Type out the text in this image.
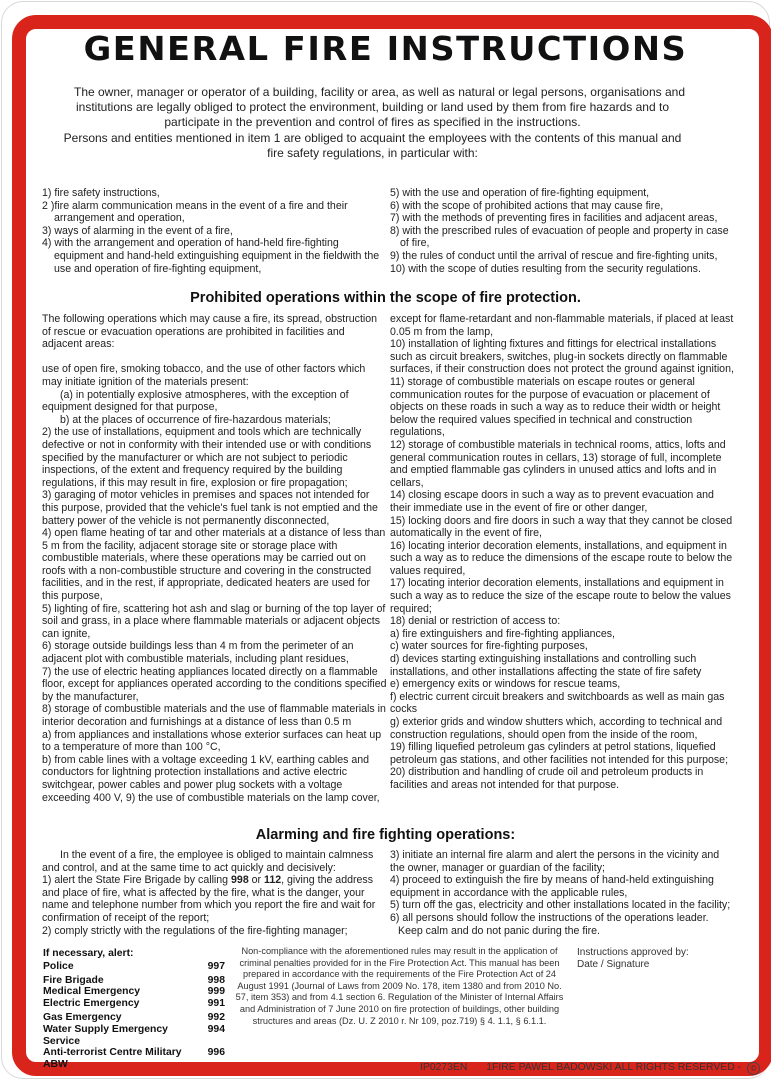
GENERAL FIRE INSTRUCTIONS

The owner, manager or operator of a building, facility or area, as well as natural or legal persons, organisations and institutions are legally obliged to protect the environment, building or land used by them from fire hazards and to participate in the prevention and control of fires as specified in the instructions.

Persons and entities mentioned in item 1 are obliged to acquaint the employees with the contents of this manual and fire safety regulations, in particular with:

1) fire safety instructions,

2 )fire alarm communication means in the event of a fire and their arrangement and operation,

3) ways of alarming in the event of a fire,

4) with the arrangement and operation of hand-held fire-fighting equipment and hand-held extinguishing equipment in the fieldwith the use and operation of fire-fighting equipment,

5) with the use and operation of fire-fighting equipment,

6) with the scope of prohibited actions that may cause fire,

7) with the methods of preventing fires in facilities and adjacent areas,

8) with the prescribed rules of evacuation of people and property in case of fire,

9) the rules of conduct until the arrival of rescue and fire-fighting units,

10) with the scope of duties resulting from the security regulations.

Prohibited operations within the scope of fire protection.

The following operations which may cause a fire, its spread, obstruction of rescue or evacuation operations are prohibited in facilities and adjacent areas:

use of open fire, smoking tobacco, and the use of other factors which may initiate ignition of the materials present:

(a) in potentially explosive atmospheres, with the exception of equipment designed for that purpose,

b) at the places of occurrence of fire-hazardous materials;

2) the use of installations, equipment and tools which are technically defective or not in conformity with their intended use or with conditions specified by the manufacturer or which are not subject to periodic inspections, of the extent and frequency required by the building regulations, if this may result in fire, explosion or fire propagation;

3) garaging of motor vehicles in premises and spaces not intended for this purpose, provided that the vehicle's fuel tank is not emptied and the battery power of the vehicle is not permanently disconnected,

4) open flame heating of tar and other materials at a distance of less than 5 m from the facility, adjacent storage site or storage place with combustible materials, where these operations may be carried out on roofs with a non-combustible structure and covering in the constructed facilities, and in the rest, if appropriate, dedicated heaters are used for this purpose,

5) lighting of fire, scattering hot ash and slag or burning of the top layer of soil and grass, in a place where flammable materials or adjacent objects can ignite,

6) storage outside buildings less than 4 m from the perimeter of an adjacent plot with combustible materials, including plant residues,

7) the use of electric heating appliances located directly on a flammable floor, except for appliances operated according to the conditions specified by the manufacturer,

8) storage of combustible materials and the use of flammable materials in interior decoration and furnishings at a distance of less than 0.5 m

a) from appliances and installations whose exterior surfaces can heat up to a temperature of more than 100 °C,

b) from cable lines with a voltage exceeding 1 kV, earthing cables and conductors for lightning protection installations and active electric switchgear, power cables and power plug sockets with a voltage exceeding 400 V, 9) the use of combustible materials on the lamp cover,

except for flame-retardant and non-flammable materials, if placed at least 0.05 m from the lamp,

10) installation of lighting fixtures and fittings for electrical installations such as circuit breakers, switches, plug-in sockets directly on flammable surfaces, if their construction does not protect the ground against ignition,

11) storage of combustible materials on escape routes or general communication routes for the purpose of evacuation or placement of objects on these roads in such a way as to reduce their width or height below the required values specified in technical and construction regulations,

12) storage of combustible materials in technical rooms, attics, lofts and general communication routes in cellars, 13) storage of full, incomplete and emptied flammable gas cylinders in unused attics and lofts and in cellars,

14) closing escape doors in such a way as to prevent evacuation and their immediate use in the event of fire or other danger,

15) locking doors and fire doors in such a way that they cannot be closed automatically in the event of fire,

16) locating interior decoration elements, installations, and equipment in such a way as to reduce the dimensions of the escape route to below the values required,

17) locating interior decoration elements, installations and equipment in such a way as to reduce the size of the escape route to below the values required;

18) denial or restriction of access to:

a) fire extinguishers and fire-fighting appliances,

c) water sources for fire-fighting purposes,

d) devices starting extinguishing installations and controlling such installations, and other installations affecting the state of fire safety

e) emergency exits or windows for rescue teams,

f) electric current circuit breakers and switchboards as well as main gas cocks

g) exterior grids and window shutters which, according to technical and construction regulations, should open from the inside of the room,

19) filling liquefied petroleum gas cylinders at petrol stations, liquefied petroleum gas stations, and other facilities not intended for this purpose;

20) distribution and handling of crude oil and petroleum products in facilities and areas not intended for that purpose.

Alarming and fire fighting operations:

In the event of a fire, the employee is obliged to maintain calmness and control, and at the same time to act quickly and decisively:

1) alert the State Fire Brigade by calling 998 or 112, giving the address and place of fire, what is affected by the fire, what is the danger, your name and telephone number from which you report the fire and wait for confirmation of receipt of the report;

2) comply strictly with the regulations of the fire-fighting manager;

3) initiate an internal fire alarm and alert the persons in the vicinity and the owner, manager or guardian of the facility;

4) proceed to extinguish the fire by means of hand-held extinguishing equipment in accordance with the applicable rules,

5) turn off the gas, electricity and other installations located in the facility;

6) all persons should follow the instructions of the operations leader.

Keep calm and do not panic during the fire.

If necessary, alert:
Police	997
Fire Brigade	998
Medical Emergency	999
Electric Emergency	991
Gas Emergency	992
Water Supply Emergency Service
994
Anti-terrorist Centre Military ABW
996
Non-compliance with the aforementioned rules may result in the application of criminal penalties provided for in the Fire Protection Act. This manual has been prepared in accordance with the requirements of the Fire Protection Act of 24 August 1991 (Journal of Laws from 2009 No. 178, item 1380 and from 2010 No. 57, item 353) and from 4.1 section 6. Regulation of the Minister of Internal Affairs and Administration of 7 June 2010 on fire protection of buildings, other building structures and areas (Dz. U. Z 2010 r. Nr 109, poz.719) § 4. 1.1, § 6.1.1.
Instructions approved by:
Date / Signature
IP0273EN 1FIRE PAWEL BADOWSKI ALL RIGHTS RESERVED - ©
